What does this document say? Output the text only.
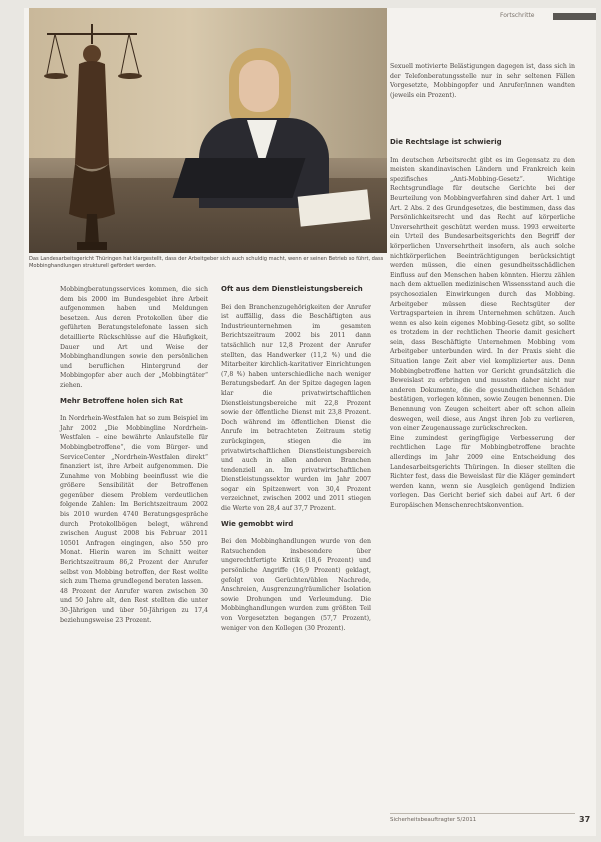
Fortschritte
Das Landesarbeitsgericht Thüringen hat klargestellt, dass der Arbeitgeber sich auch schuldig macht, wenn er seinen Betrieb so führt, dass Mobbinghandlungen strukturell gefördert werden.

Mobbingberatungsservices kommen, die sich dem bis 2000 im Bundesgebiet ihre Arbeit aufgenommen haben und Meldungen besetzen. Aus deren Protokollen über die geführten Beratungstelefonate lassen sich detaillierte Rückschlüsse auf die Häufigkeit, Dauer und Art und Weise der Mobbinghandlungen sowie den persönlichen und beruflichen Hintergrund der Mobbingopfer aber auch der „Mobbingtäter“ ziehen.

Mehr Betroffene holen sich Rat

In Nordrhein-Westfalen hat so zum Beispiel im Jahr 2002 „Die Mobbingline Nordrhein-Westfalen – eine bewährte Anlaufstelle für Mobbingbetroffene“, die vom Bürger- und ServiceCenter „Nordrhein-Westfalen direkt“ finanziert ist, ihre Arbeit aufgenommen. Die Zunahme von Mobbing beeinflusst wie die größere Sensibilität der Betroffenen gegenüber diesem Problem verdeutlichen folgende Zahlen: Im Berichtszeitraum 2002 bis 2010 wurden 4740 Beratungsgespräche durch Protokollbögen belegt, während zwischen August 2008 bis Februar 2011 10501 Anfragen eingingen, also 550 pro Monat. Hierin waren im Schnitt weiter Berichtszeitraum 86,2 Prozent der Anrufer selbst von Mobbing betroffen, der Rest wollte sich zum Thema grundlegend beraten lassen.

48 Prozent der Anrufer waren zwischen 30 und 50 Jahre alt, den Rest stellten die unter 30-Jährigen und über 50-Jährigen zu 17,4 beziehungsweise 23 Prozent.

Oft aus dem Dienstleistungsbereich

Bei den Branchenzugehörigkeiten der Anrufer ist auffällig, dass die Beschäftigten aus Industrieunternehmen im gesamten Berichtszeitraum 2002 bis 2011 dann tatsächlich nur 12,8 Prozent der Anrufer stellten, das Handwerker (11,2 %) und die Mitarbeiter kirchlich-karitativer Einrichtungen (7,8 %) haben unterschiedliche nach weniger Beratungsbedarf. An der Spitze dagegen lagen klar die privatwirtschaftlichen Dienstleistungsbereiche mit 22,8 Prozent sowie der öffentliche Dienst mit 23,8 Prozent. Doch während im öffentlichen Dienst die Anrufe im betrachteten Zeitraum stetig zurückgingen, stiegen die im privatwirtschaftlichen Dienstleistungsbereich und auch in allen anderen Branchen tendenziell an. Im privatwirtschaftlichen Dienstleistungssektor wurden im Jahr 2007 sogar ein Spitzenwert von 30,4 Prozent verzeichnet, zwischen 2002 und 2011 stiegen die Werte von 28,4 auf 37,7 Prozent.

Wie gemobbt wird

Bei den Mobbinghandlungen wurde von den Ratsuchenden insbesondere über ungerechtfertigte Kritik (18,6 Prozent) und persönliche Angriffe (16,9 Prozent) geklagt, gefolgt von Gerüchten/üblen Nachrede, Anschreien, Ausgrenzung/räumlicher Isolation sowie Drohungen und Verleumdung. Die Mobbinghandlungen wurden zum größten Teil von Vorgesetzten begangen (57,7 Prozent), weniger von den Kollegen (30 Prozent).

Sexuell motivierte Belästigungen dagegen ist, dass sich in der Telefonberatungsstelle nur in sehr seltenen Fällen Vorgesetzte, Mobbingopfer und Anrufer/innen wandten (jeweils ein Prozent).

Die Rechtslage ist schwierig

Im deutschen Arbeitsrecht gibt es im Gegensatz zu den meisten skandinavischen Ländern und Frankreich kein spezifisches „Anti-Mobbing-Gesetz“. Wichtige Rechtsgrundlage für deutsche Gerichte bei der Beurteilung von Mobbingverfahren sind daher Art. 1 und Art. 2 Abs. 2 des Grundgesetzes, die bestimmen, dass das Persönlichkeitsrecht und das Recht auf körperliche Unversehrtheit geschützt werden muss. 1993 erweiterte ein Urteil des Bundesarbeitsgerichts den Begriff der körperlichen Unversehrtheit insofern, als auch solche nichtkörperlichen Beeinträchtigungen berücksichtigt werden müssen, die einen gesundheitsschädlichen Einfluss auf den Menschen haben könnten. Hierzu zählen nach dem aktuellen medizinischen Wissensstand auch die psychosozialen Einwirkungen durch das Mobbing. Arbeitgeber müssen diese Rechtsgüter der Vertragsparteien in ihrem Unternehmen schützen. Auch wenn es also kein eigenes Mobbing-Gesetz gibt, so sollte es trotzdem in der rechtlichen Theorie damit gesichert sein, dass Beschäftigte Unternehmen Mobbing vom Arbeitgeber unterbunden wird. In der Praxis sieht die Situation lange Zeit aber viel komplizierter aus. Denn Mobbingbetroffene hatten vor Gericht grundsätzlich die Beweislast zu erbringen und mussten daher nicht nur anderen Dokumente, die die gesundheitlichen Schäden bestätigen, vorlegen können, sowie Zeugen benennen. Die Benennung von Zeugen scheitert aber oft schon allein deswegen, weil diese, aus Angst ihren Job zu verlieren, von einer Zeugenaussage zurückschrecken.

Eine zumindest geringfügige Verbesserung der rechtlichen Lage für Mobbingbetroffene brachte allerdings im Jahr 2009 eine Entscheidung des Landesarbeitsgerichts Thüringen. In dieser stellten die Richter fest, dass die Beweislast für die Kläger gemindert werden kann, wenn sie Ausgleich genügend Indizien vorlegen. Das Gericht berief sich dabei auf Art. 6 der Europäischen Menschenrechtskonvention.

Sicherheitsbeauftragter 5/2011	37
